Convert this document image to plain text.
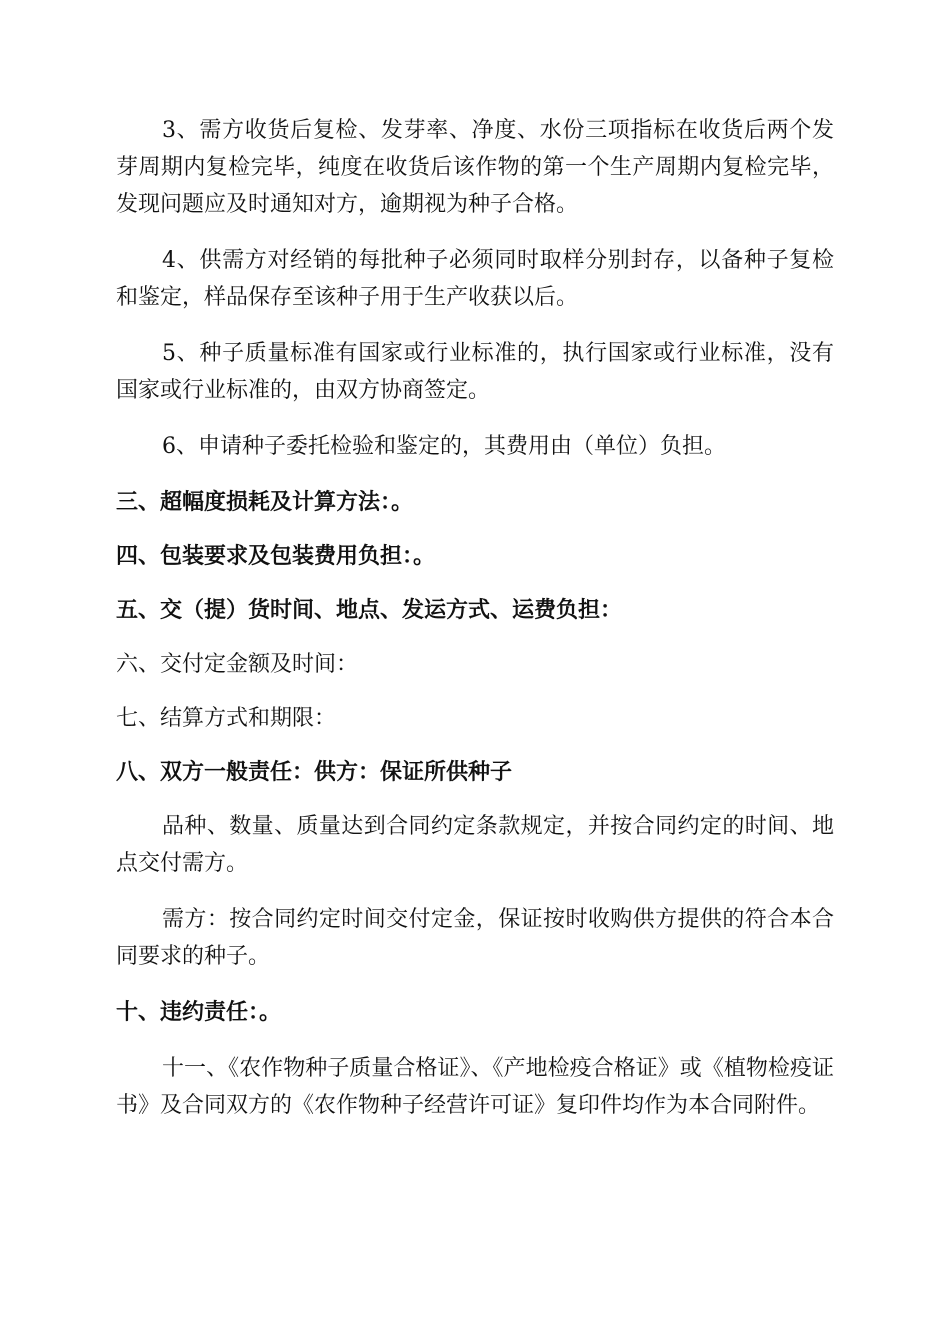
3、需方收货后复检、发芽率、净度、水份三项指标在收货后两个发芽周期内复检完毕，纯度在收货后该作物的第一个生产周期内复检完毕，发现问题应及时通知对方，逾期视为种子合格。

4、供需方对经销的每批种子必须同时取样分别封存，以备种子复检和鉴定，样品保存至该种子用于生产收获以后。

5、种子质量标准有国家或行业标准的，执行国家或行业标准，没有国家或行业标准的，由双方协商签定。

6、申请种子委托检验和鉴定的，其费用由（单位）负担。

三、超幅度损耗及计算方法：。

四、包装要求及包装费用负担：。

五、交（提）货时间、地点、发运方式、运费负担：

六、交付定金额及时间：

七、结算方式和期限：

八、双方一般责任：供方：保证所供种子

品种、数量、质量达到合同约定条款规定，并按合同约定的时间、地点交付需方。

需方：按合同约定时间交付定金，保证按时收购供方提供的符合本合同要求的种子。

十、违约责任：。

十一、《农作物种子质量合格证》、《产地检疫合格证》或《植物检疫证书》及合同双方的《农作物种子经营许可证》复印件均作为本合同附件。
